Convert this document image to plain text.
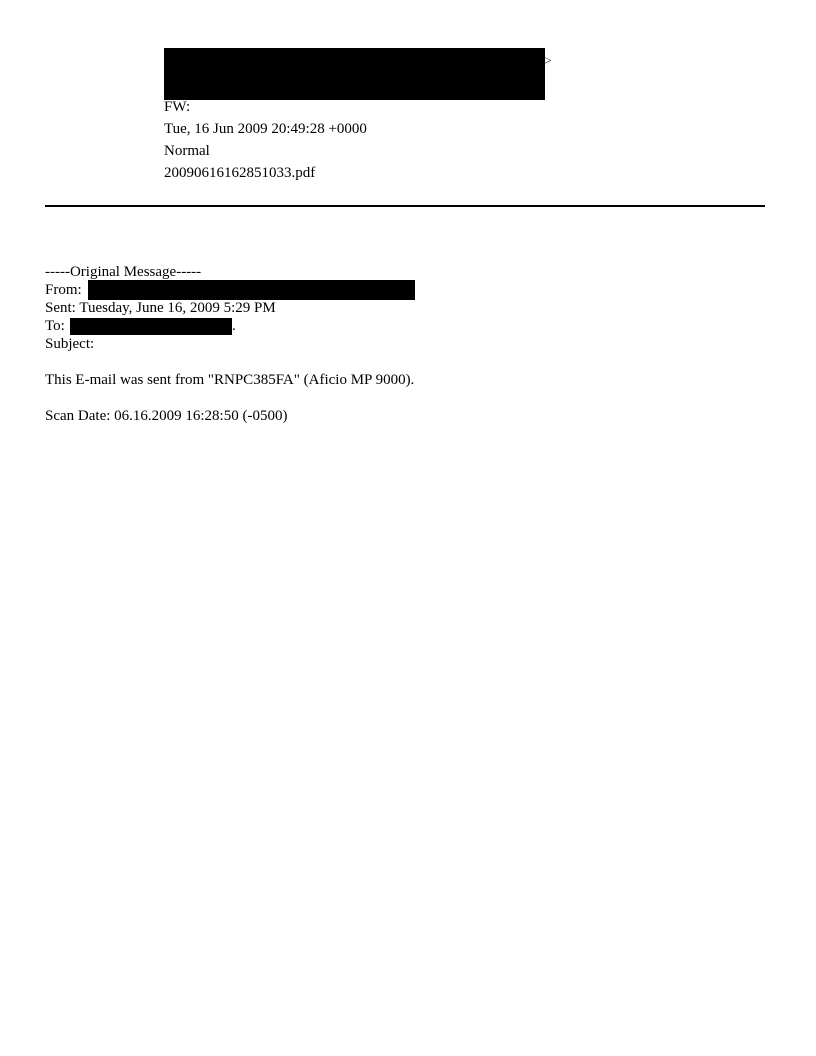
>
FW:
Tue, 16 Jun 2009 20:49:28 +0000
Normal
20090616162851033.pdf
-----Original Message-----
From:
Sent: Tuesday, June 16, 2009 5:29 PM
To:	.
Subject:
This E-mail was sent from "RNPC385FA" (Aficio MP 9000).
Scan Date: 06.16.2009 16:28:50 (-0500)
